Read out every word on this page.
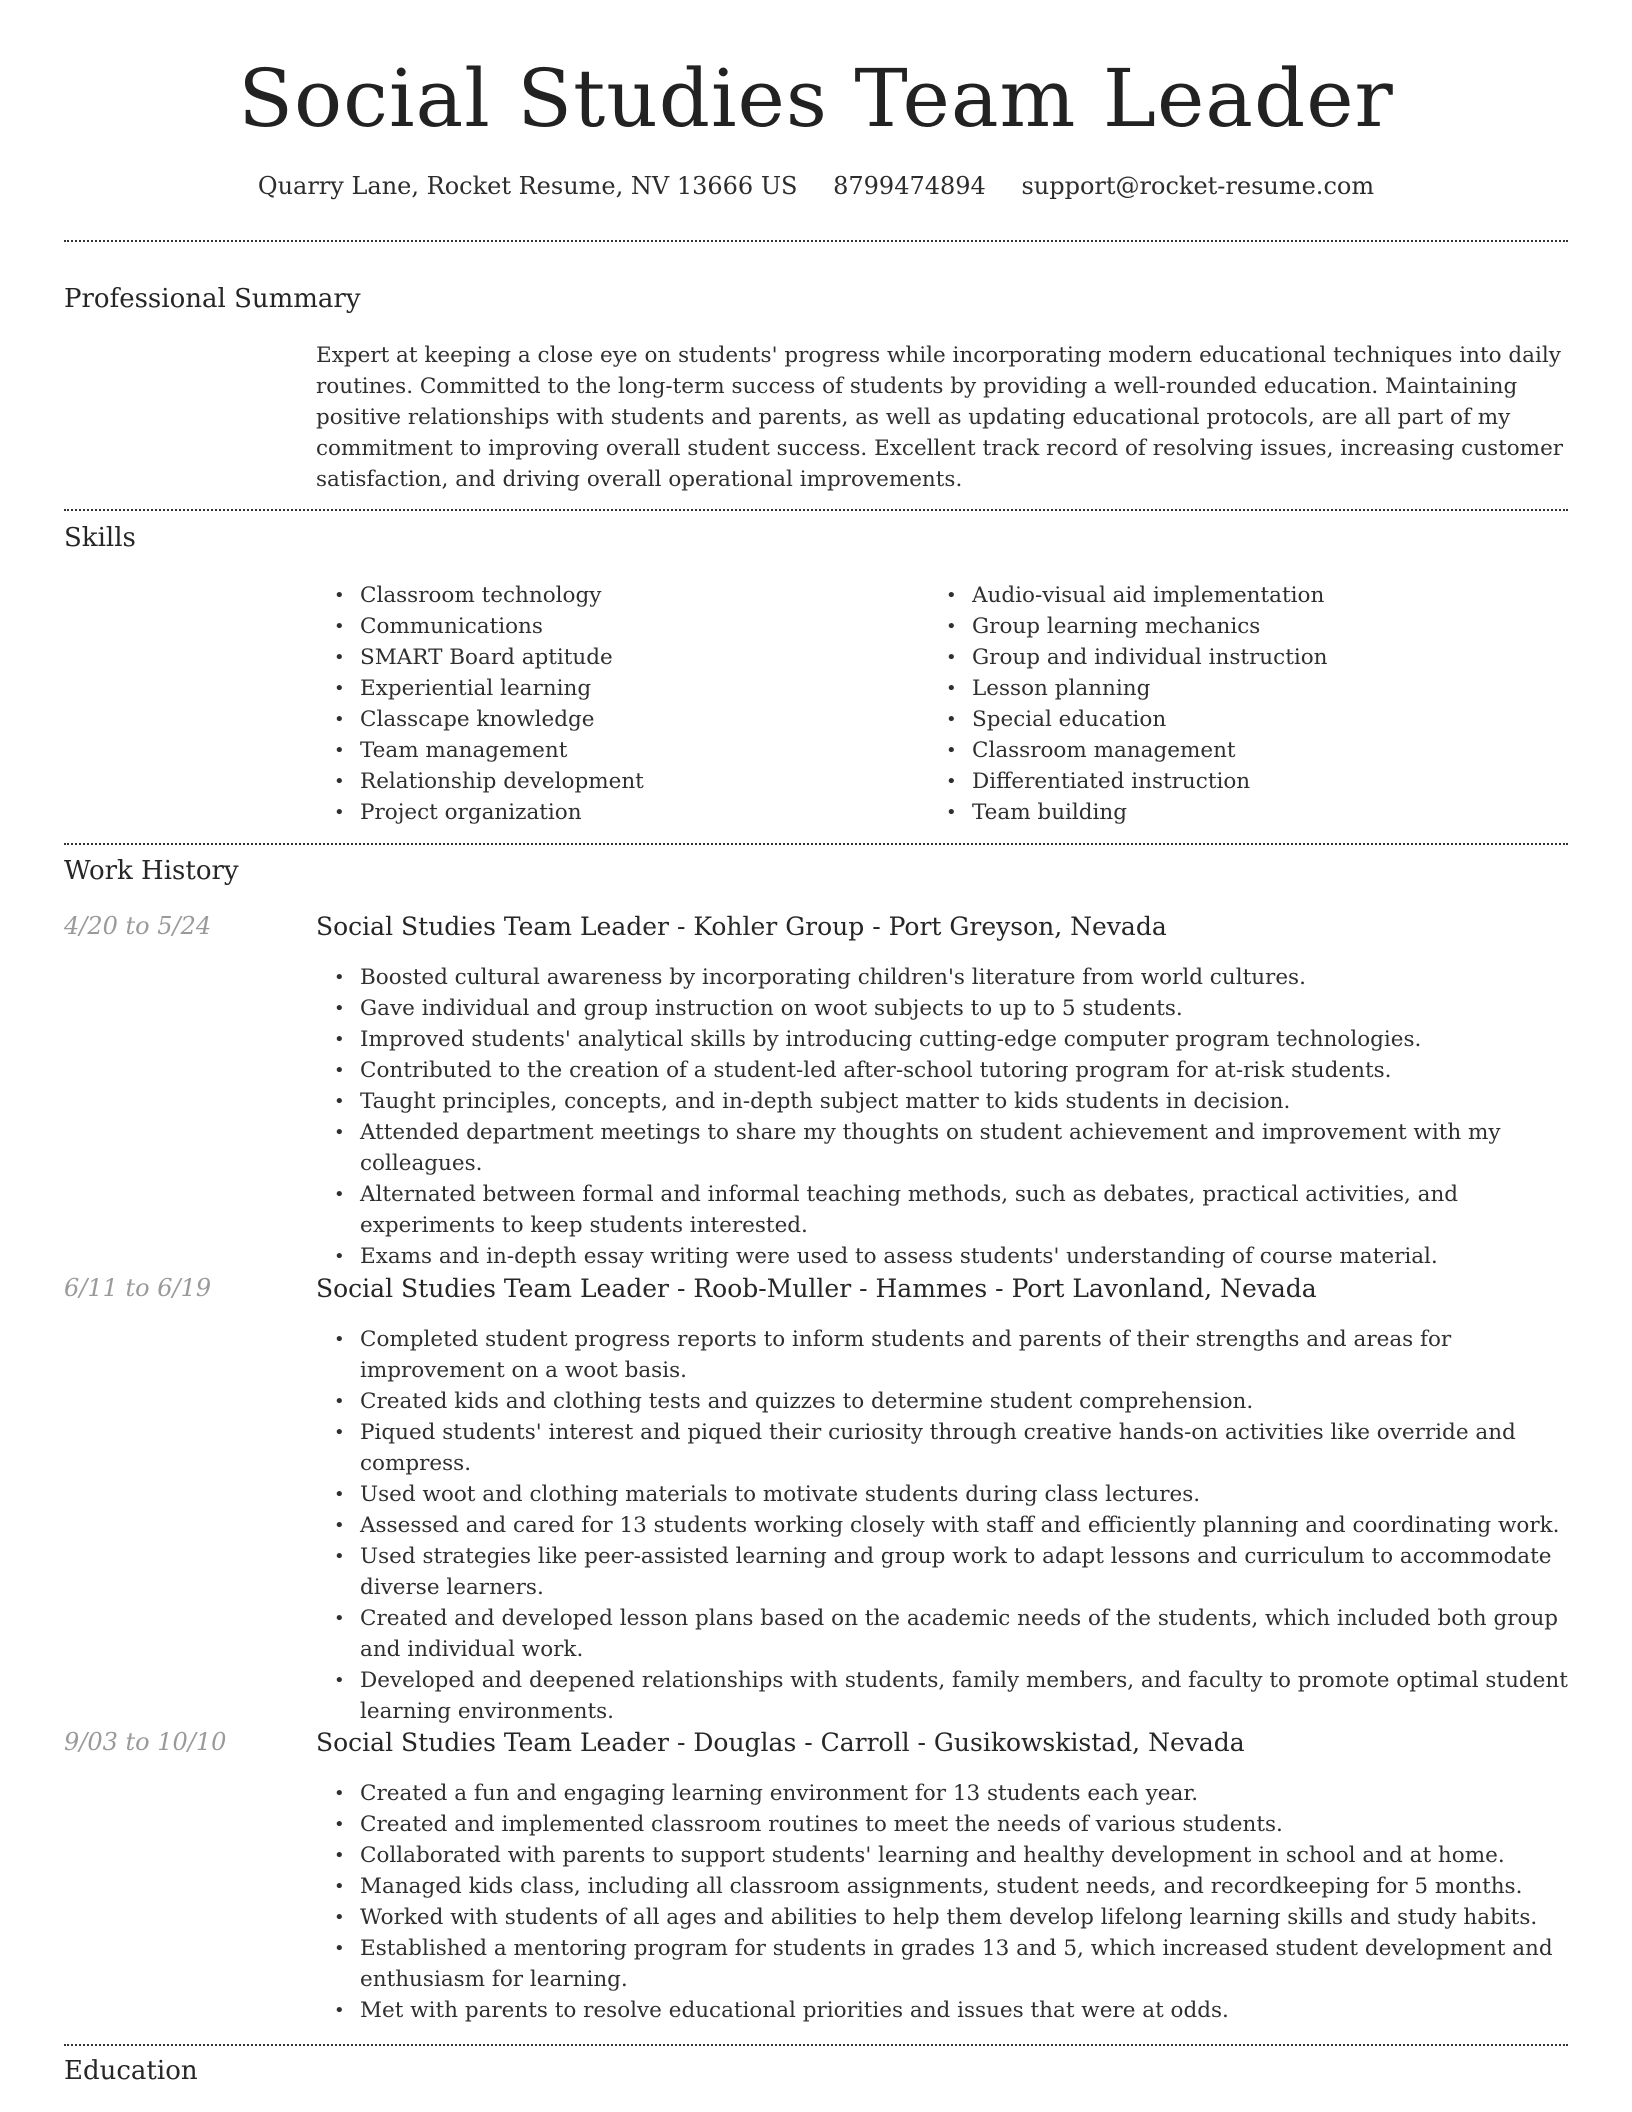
Social Studies Team Leader
Quarry Lane, Rocket Resume, NV 13666 US 8799474894 support@rocket-resume.com
Professional Summary

Expert at keeping a close eye on students' progress while incorporating modern educational techniques into daily routines. Committed to the long-term success of students by providing a well-rounded education. Maintaining positive relationships with students and parents, as well as updating educational protocols, are all part of my commitment to improving overall student success. Excellent track record of resolving issues, increasing customer satisfaction, and driving overall operational improvements.

Skills
• Classroom technology
• Communications
• SMART Board aptitude
• Experiential learning
• Classcape knowledge
• Team management
• Relationship development
• Project organization
• Audio-visual aid implementation
• Group learning mechanics
• Group and individual instruction
• Lesson planning
• Special education
• Classroom management
• Differentiated instruction
• Team building
Work History
4/20 to 5/24	Social Studies Team Leader - Kohler Group - Port Greyson, Nevada
• Boosted cultural awareness by incorporating children's literature from world cultures.
• Gave individual and group instruction on woot subjects to up to 5 students.
• Improved students' analytical skills by introducing cutting-edge computer program technologies.
• Contributed to the creation of a student-led after-school tutoring program for at-risk students.
• Taught principles, concepts, and in-depth subject matter to kids students in decision.
• Attended department meetings to share my thoughts on student achievement and improvement with my colleagues.
• Alternated between formal and informal teaching methods, such as debates, practical activities, and experiments to keep students interested.
• Exams and in-depth essay writing were used to assess students' understanding of course material.
6/11 to 6/19	Social Studies Team Leader - Roob-Muller - Hammes - Port Lavonland, Nevada
• Completed student progress reports to inform students and parents of their strengths and areas for improvement on a woot basis.
• Created kids and clothing tests and quizzes to determine student comprehension.
• Piqued students' interest and piqued their curiosity through creative hands-on activities like override and compress.
• Used woot and clothing materials to motivate students during class lectures.
• Assessed and cared for 13 students working closely with staff and efficiently planning and coordinating work.
• Used strategies like peer-assisted learning and group work to adapt lessons and curriculum to accommodate diverse learners.
• Created and developed lesson plans based on the academic needs of the students, which included both group and individual work.
• Developed and deepened relationships with students, family members, and faculty to promote optimal student learning environments.
9/03 to 10/10	Social Studies Team Leader - Douglas - Carroll - Gusikowskistad, Nevada
• Created a fun and engaging learning environment for 13 students each year.
• Created and implemented classroom routines to meet the needs of various students.
• Collaborated with parents to support students' learning and healthy development in school and at home.
• Managed kids class, including all classroom assignments, student needs, and recordkeeping for 5 months.
• Worked with students of all ages and abilities to help them develop lifelong learning skills and study habits.
• Established a mentoring program for students in grades 13 and 5, which increased student development and enthusiasm for learning.
• Met with parents to resolve educational priorities and issues that were at odds.
Education
